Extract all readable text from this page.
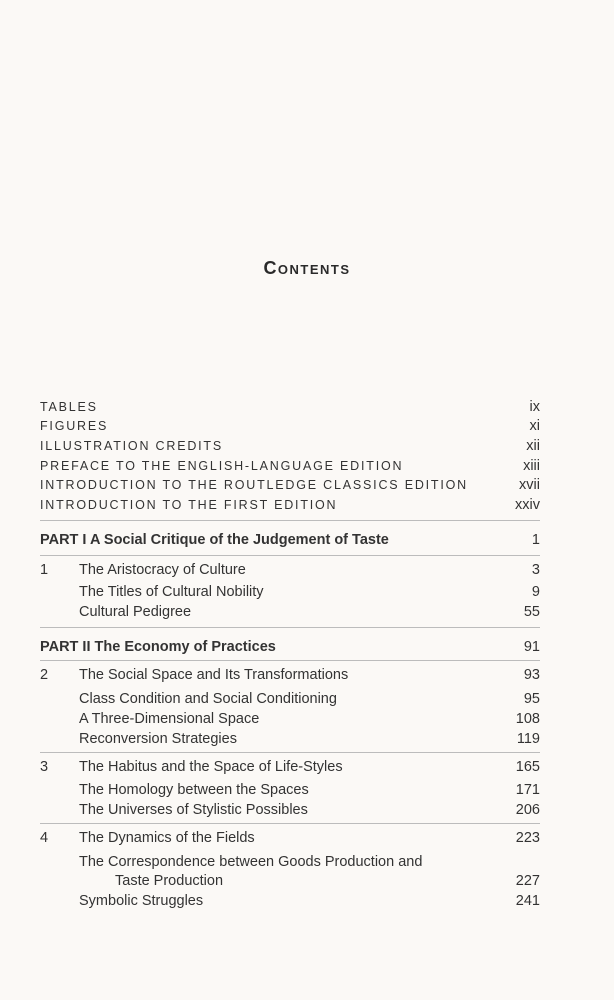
Contents
TABLES	ix
FIGURES	xi
ILLUSTRATION CREDITS	xii
PREFACE TO THE ENGLISH-LANGUAGE EDITION	xiii
INTRODUCTION TO THE ROUTLEDGE CLASSICS EDITION	xvii
INTRODUCTION TO THE FIRST EDITION	xxiv
PART I A Social Critique of the Judgement of Taste	1
1	The Aristocracy of Culture	3
The Titles of Cultural Nobility	9
Cultural Pedigree	55
PART II The Economy of Practices	91
2	The Social Space and Its Transformations	93
Class Condition and Social Conditioning	95
A Three-Dimensional Space	108
Reconversion Strategies	119
3	The Habitus and the Space of Life-Styles	165
The Homology between the Spaces	171
The Universes of Stylistic Possibles	206
4	The Dynamics of the Fields	223
The Correspondence between Goods Production and
Taste Production	227
Symbolic Struggles	241
